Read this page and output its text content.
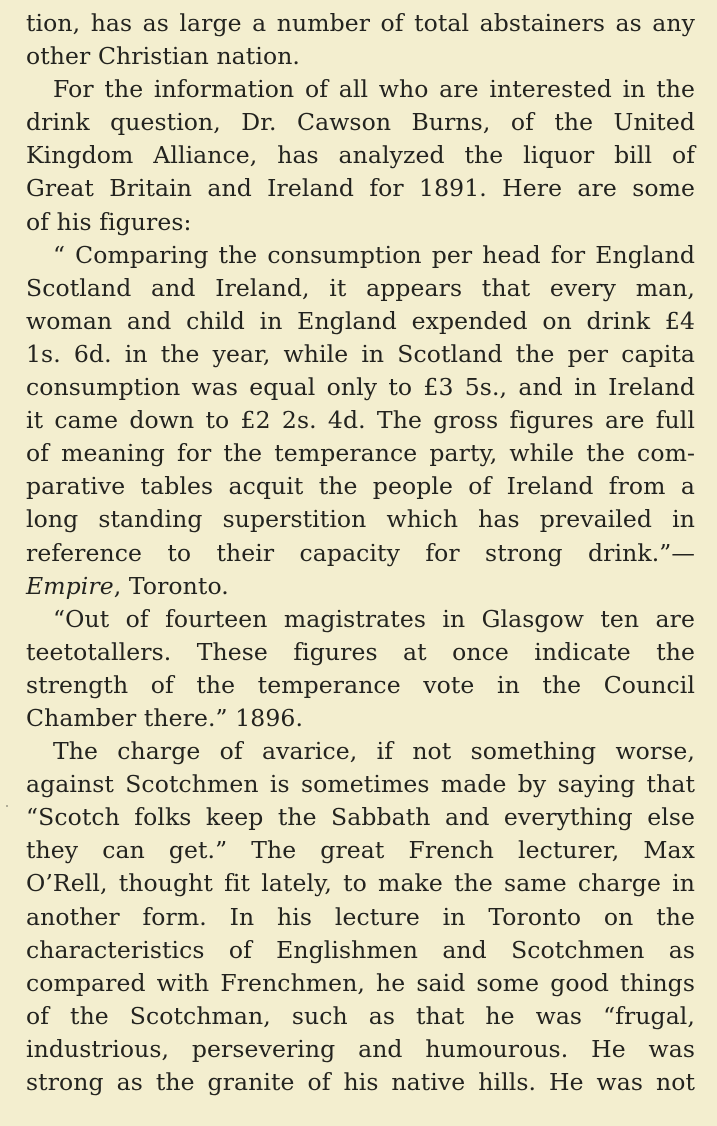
tion, has as large a number of total abstainers as any
other Christian nation.
For the information of all who are interested in the
drink question, Dr. Cawson Burns, of the United
Kingdom Alliance, has analyzed the liquor bill of
Great Britain and Ireland for 1891. Here are some
of his figures:
“ Comparing the consumption per head for England
Scotland and Ireland, it appears that every man,
woman and child in England expended on drink £4
1s. 6d. in the year, while in Scotland the per capita
consumption was equal only to £3 5s., and in Ireland
it came down to £2 2s. 4d. The gross figures are full
of meaning for the temperance party, while the com-
parative tables acquit the people of Ireland from a
long standing superstition which has prevailed in
reference to their capacity for strong drink.”—
Empire, Toronto.
“Out of fourteen magistrates in Glasgow ten are
teetotallers. These figures at once indicate the
strength of the temperance vote in the Council
Chamber there.” 1896.
The charge of avarice, if not something worse,
against Scotchmen is sometimes made by saying that
“Scotch folks keep the Sabbath and everything else
they can get.” The great French lecturer, Max
O’Rell, thought fit lately, to make the same charge in
another form. In his lecture in Toronto on the
characteristics of Englishmen and Scotchmen as
compared with Frenchmen, he said some good things
of the Scotchman, such as that he was “frugal,
industrious, persevering and humourous. He was
strong as the granite of his native hills. He was not
